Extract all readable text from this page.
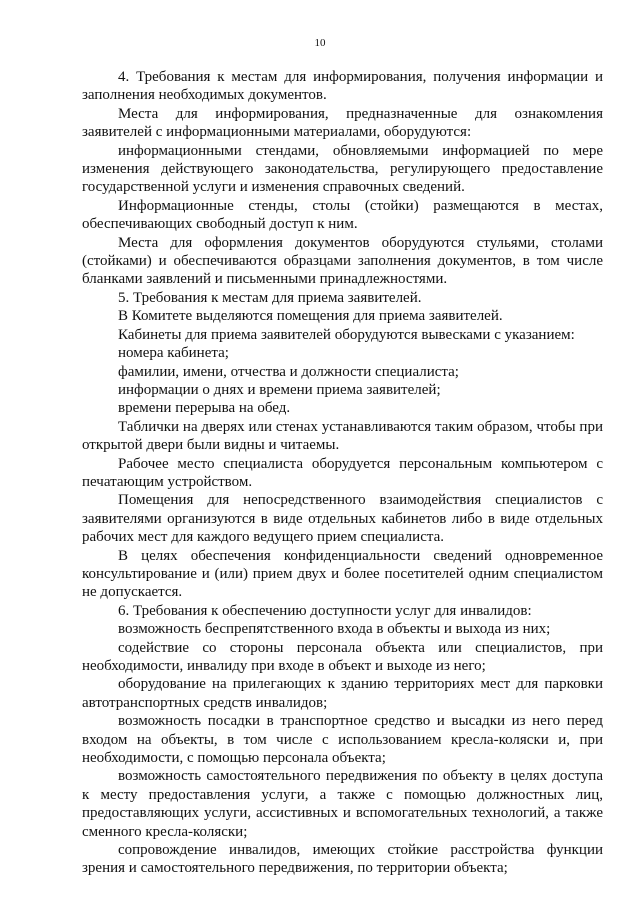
10

4. Требования к местам для информирования, получения информации и заполнения необходимых документов.

Места для информирования, предназначенные для ознакомления заявителей с информационными материалами, оборудуются:

информационными стендами, обновляемыми информацией по мере изменения действующего законодательства, регулирующего предоставление государственной услуги и изменения справочных сведений.

Информационные стенды, столы (стойки) размещаются в местах, обеспечивающих свободный доступ к ним.

Места для оформления документов оборудуются стульями, столами (стойками) и обеспечиваются образцами заполнения документов, в том числе бланками заявлений и письменными принадлежностями.

5. Требования к местам для приема заявителей.

В Комитете выделяются помещения для приема заявителей.

Кабинеты для приема заявителей оборудуются вывесками с указанием:

номера кабинета;

фамилии, имени, отчества и должности специалиста;

информации о днях и времени приема заявителей;

времени перерыва на обед.

Таблички на дверях или стенах устанавливаются таким образом, чтобы при открытой двери были видны и читаемы.

Рабочее место специалиста оборудуется персональным компьютером с печатающим устройством.

Помещения для непосредственного взаимодействия специалистов с заявителями организуются в виде отдельных кабинетов либо в виде отдельных рабочих мест для каждого ведущего прием специалиста.

В целях обеспечения конфиденциальности сведений одновременное консультирование и (или) прием двух и более посетителей одним специалистом не допускается.

6. Требования к обеспечению доступности услуг для инвалидов:

возможность беспрепятственного входа в объекты и выхода из них;

содействие со стороны персонала объекта или специалистов, при необходимости, инвалиду при входе в объект и выходе из него;

оборудование на прилегающих к зданию территориях мест для парковки автотранспортных средств инвалидов;

возможность посадки в транспортное средство и высадки из него перед входом на объекты, в том числе с использованием кресла-коляски и, при необходимости, с помощью персонала объекта;

возможность самостоятельного передвижения по объекту в целях доступа к месту предоставления услуги, а также с помощью должностных лиц, предоставляющих услуги, ассистивных и вспомогательных технологий, а также сменного кресла-коляски;

сопровождение инвалидов, имеющих стойкие расстройства функции зрения и самостоятельного передвижения, по территории объекта;
